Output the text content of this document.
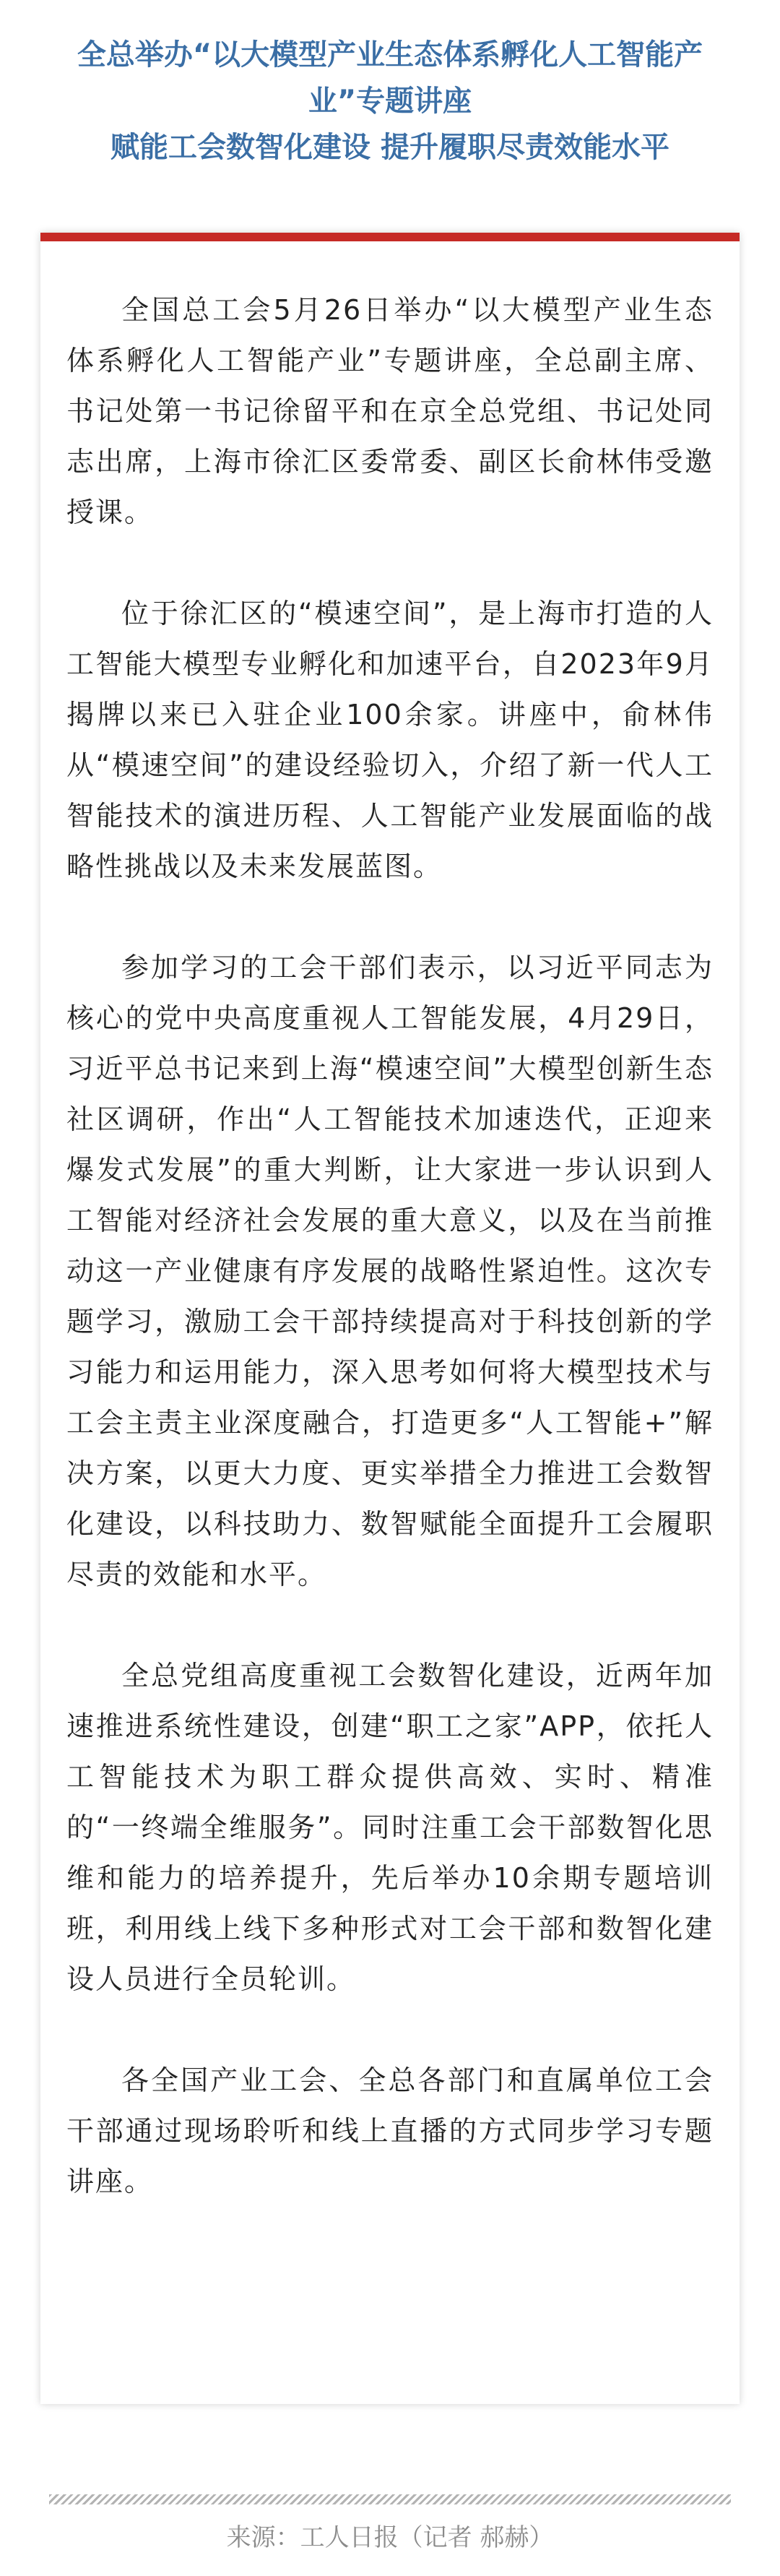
全总举办“以大模型产业生态体系孵化人工智能产
业”专题讲座
赋能工会数智化建设 提升履职尽责效能水平

全国总工会5月26日举办“以大模型产业生态体系孵化人工智能产业”专题讲座，全总副主席、书记处第一书记徐留平和在京全总党组、书记处同志出席，上海市徐汇区委常委、副区长俞林伟受邀授课。

位于徐汇区的“模速空间”，是上海市打造的人工智能大模型专业孵化和加速平台，自2023年9月揭牌以来已入驻企业100余家。讲座中，俞林伟从“模速空间”的建设经验切入，介绍了新一代人工智能技术的演进历程、人工智能产业发展面临的战略性挑战以及未来发展蓝图。

参加学习的工会干部们表示，以习近平同志为核心的党中央高度重视人工智能发展，4月29日，习近平总书记来到上海“模速空间”大模型创新生态社区调研，作出“人工智能技术加速迭代，正迎来爆发式发展”的重大判断，让大家进一步认识到人工智能对经济社会发展的重大意义，以及在当前推动这一产业健康有序发展的战略性紧迫性。这次专题学习，激励工会干部持续提高对于科技创新的学习能力和运用能力，深入思考如何将大模型技术与工会主责主业深度融合，打造更多“人工智能+”解决方案，以更大力度、更实举措全力推进工会数智化建设，以科技助力、数智赋能全面提升工会履职尽责的效能和水平。

全总党组高度重视工会数智化建设，近两年加速推进系统性建设，创建“职工之家”APP，依托人工智能技术为职工群众提供高效、实时、精准的“一终端全维服务”。同时注重工会干部数智化思维和能力的培养提升，先后举办10余期专题培训班，利用线上线下多种形式对工会干部和数智化建设人员进行全员轮训。

各全国产业工会、全总各部门和直属单位工会干部通过现场聆听和线上直播的方式同步学习专题讲座。

来源：工人日报（记者 郝赫）
